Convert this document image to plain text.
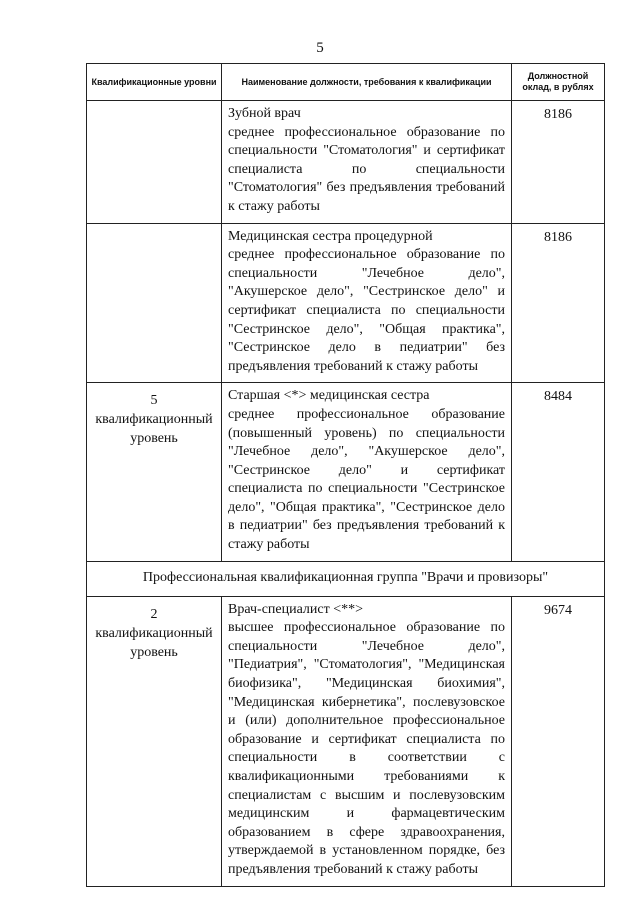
5
Квалификационные уровни	Наименование должности, требования к квалификации	Должностной оклад, в рублях

	Зубной врач
среднее профессиональное образование по специальности "Стоматология" и сертификат специалиста по специальности "Стоматология" без предъявления требований к стажу работы	8186

	Медицинская сестра процедурной
среднее профессиональное образование по специальности "Лечебное дело", "Акушерское дело", "Сестринское дело" и сертификат специалиста по специальности "Сестринское дело", "Общая практика", "Сестринское дело в педиатрии" без предъявления требований к стажу работы	8186
5 квалификационный уровень	Старшая <*> медицинская сестра
среднее профессиональное образование (повышенный уровень) по специальности "Лечебное дело", "Акушерское дело", "Сестринское дело" и сертификат специалиста по специальности "Сестринское дело", "Общая практика", "Сестринское дело в педиатрии" без предъявления требований к стажу работы	8484
Профессиональная квалификационная группа "Врачи и провизоры"		
2 квалификационный уровень	Врач-специалист <**>
высшее профессиональное образование по специальности "Лечебное дело", "Педиатрия", "Стоматология", "Медицинская биофизика", "Медицинская биохимия", "Медицинская кибернетика", послевузовское и (или) дополнительное профессиональное образование и сертификат специалиста по специальности в соответствии с квалификационными требованиями к специалистам с высшим и послевузовским медицинским и фармацевтическим образованием в сфере здравоохранения, утверждаемой в установленном порядке, без предъявления требований к стажу работы	9674
